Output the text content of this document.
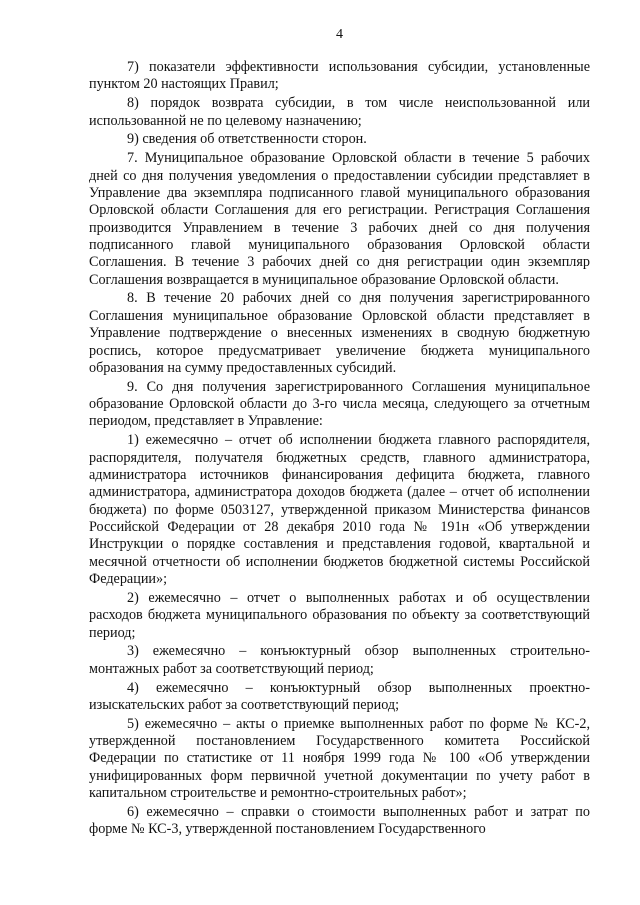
4

7) показатели эффективности использования субсидии, установленные пунктом 20 настоящих Правил;

8) порядок возврата субсидии, в том числе неиспользованной или использованной не по целевому назначению;

9) сведения об ответственности сторон.

7. Муниципальное образование Орловской области в течение 5 рабочих дней со дня получения уведомления о предоставлении субсидии представляет в Управление два экземпляра подписанного главой муниципального образования Орловской области Соглашения для его регистрации. Регистрация Соглашения производится Управлением в течение 3 рабочих дней со дня получения подписанного главой муниципального образования Орловской области Соглашения. В течение 3 рабочих дней со дня регистрации один экземпляр Соглашения возвращается в муниципальное образование Орловской области.

8. В течение 20 рабочих дней со дня получения зарегистрированного Соглашения муниципальное образование Орловской области представляет в Управление подтверждение о внесенных изменениях в сводную бюджетную роспись, которое предусматривает увеличение бюджета муниципального образования на сумму предоставленных субсидий.

9. Со дня получения зарегистрированного Соглашения муниципальное образование Орловской области до 3-го числа месяца, следующего за отчетным периодом, представляет в Управление:

1) ежемесячно – отчет об исполнении бюджета главного распорядителя, распорядителя, получателя бюджетных средств, главного администратора, администратора источников финансирования дефицита бюджета, главного администратора, администратора доходов бюджета (далее – отчет об исполнении бюджета) по форме 0503127, утвержденной приказом Министерства финансов Российской Федерации от 28 декабря 2010 года № 191н «Об утверждении Инструкции о порядке составления и представления годовой, квартальной и месячной отчетности об исполнении бюджетов бюджетной системы Российской Федерации»;

2) ежемесячно – отчет о выполненных работах и об осуществлении расходов бюджета муниципального образования по объекту за соответствующий период;

3) ежемесячно – конъюктурный обзор выполненных строительно-монтажных работ за соответствующий период;

4) ежемесячно – конъюктурный обзор выполненных проектно-изыскательских работ за соответствующий период;

5) ежемесячно – акты о приемке выполненных работ по форме № КС-2, утвержденной постановлением Государственного комитета Российской Федерации по статистике от 11 ноября 1999 года № 100 «Об утверждении унифицированных форм первичной учетной документации по учету работ в капитальном строительстве и ремонтно-строительных работ»;

6) ежемесячно – справки о стоимости выполненных работ и затрат по форме № КС-3, утвержденной постановлением Государственного
